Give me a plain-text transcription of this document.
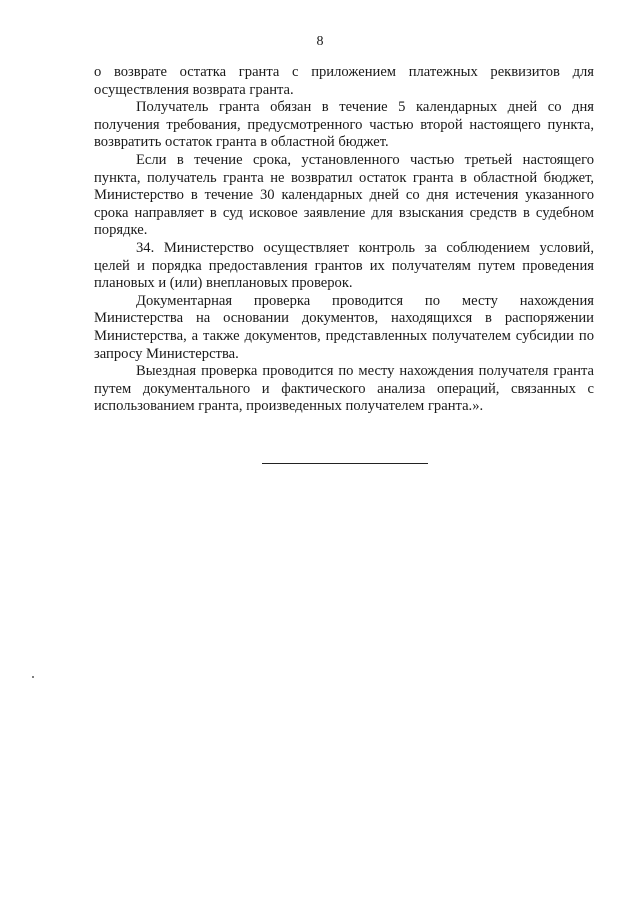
8

о возврате остатка гранта с приложением платежных реквизитов для осуществления возврата гранта.

Получатель гранта обязан в течение 5 календарных дней со дня получения требования, предусмотренного частью второй настоящего пункта, возвратить остаток гранта в областной бюджет.

Если в течение срока, установленного частью третьей настоящего пункта, получатель гранта не возвратил остаток гранта в областной бюджет, Министерство в течение 30 календарных дней со дня истечения указанного срока направляет в суд исковое заявление для взыскания средств в судебном порядке.

34. Министерство осуществляет контроль за соблюдением условий, целей и порядка предоставления грантов их получателям путем проведения плановых и (или) внеплановых проверок.

Документарная проверка проводится по месту нахождения Министерства на основании документов, находящихся в распоряжении Министерства, а также документов, представленных получателем субсидии по запросу Министерства.

Выездная проверка проводится по месту нахождения получателя гранта путем документального и фактического анализа операций, связанных с использованием гранта, произведенных получателем гранта.».
